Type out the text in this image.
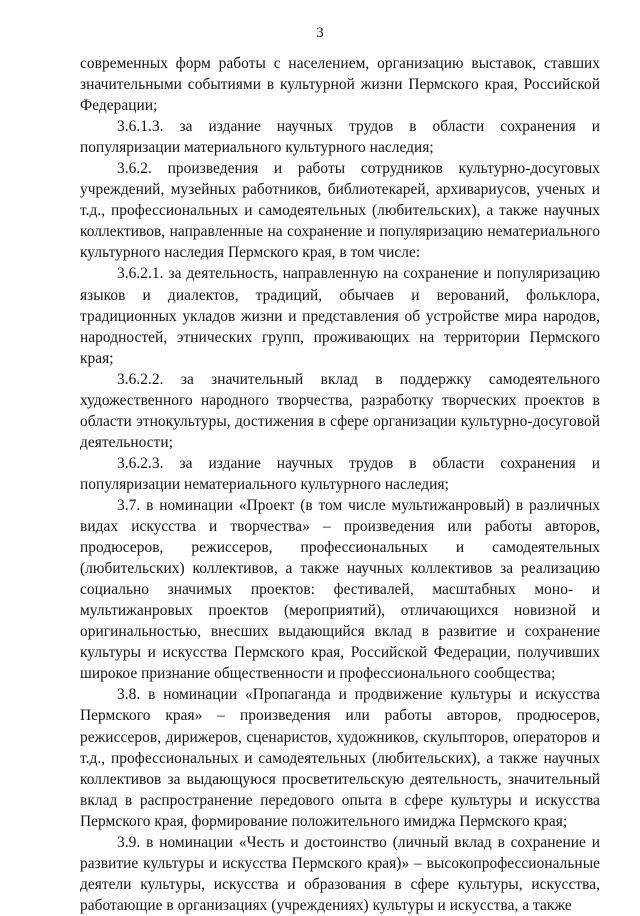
3

современных форм работы с населением, организацию выставок, ставших значительными событиями в культурной жизни Пермского края, Российской Федерации;

3.6.1.3. за издание научных трудов в области сохранения и популяризации материального культурного наследия;

3.6.2. произведения и работы сотрудников культурно-досуговых учреждений, музейных работников, библиотекарей, архивариусов, ученых и т.д., профессиональных и самодеятельных (любительских), а также научных коллективов, направленные на сохранение и популяризацию нематериального культурного наследия Пермского края, в том числе:

3.6.2.1. за деятельность, направленную на сохранение и популяризацию языков и диалектов, традиций, обычаев и верований, фольклора, традиционных укладов жизни и представления об устройстве мира народов, народностей, этнических групп, проживающих на территории Пермского края;

3.6.2.2. за значительный вклад в поддержку самодеятельного художественного народного творчества, разработку творческих проектов в области этнокультуры, достижения в сфере организации культурно-досуговой деятельности;

3.6.2.3. за издание научных трудов в области сохранения и популяризации нематериального культурного наследия;

3.7. в номинации «Проект (в том числе мультижанровый) в различных видах искусства и творчества» – произведения или работы авторов, продюсеров, режиссеров, профессиональных и самодеятельных (любительских) коллективов, а также научных коллективов за реализацию социально значимых проектов: фестивалей, масштабных моно- и мультижанровых проектов (мероприятий), отличающихся новизной и оригинальностью, внесших выдающийся вклад в развитие и сохранение культуры и искусства Пермского края, Российской Федерации, получивших широкое признание общественности и профессионального сообщества;

3.8. в номинации «Пропаганда и продвижение культуры и искусства Пермского края» – произведения или работы авторов, продюсеров, режиссеров, дирижеров, сценаристов, художников, скульпторов, операторов и т.д., профессиональных и самодеятельных (любительских), а также научных коллективов за выдающуюся просветительскую деятельность, значительный вклад в распространение передового опыта в сфере культуры и искусства Пермского края, формирование положительного имиджа Пермского края;

3.9. в номинации «Честь и достоинство (личный вклад в сохранение и развитие культуры и искусства Пермского края)» – высокопрофессиональные деятели культуры, искусства и образования в сфере культуры, искусства, работающие в организациях (учреждениях) культуры и искусства, а также
